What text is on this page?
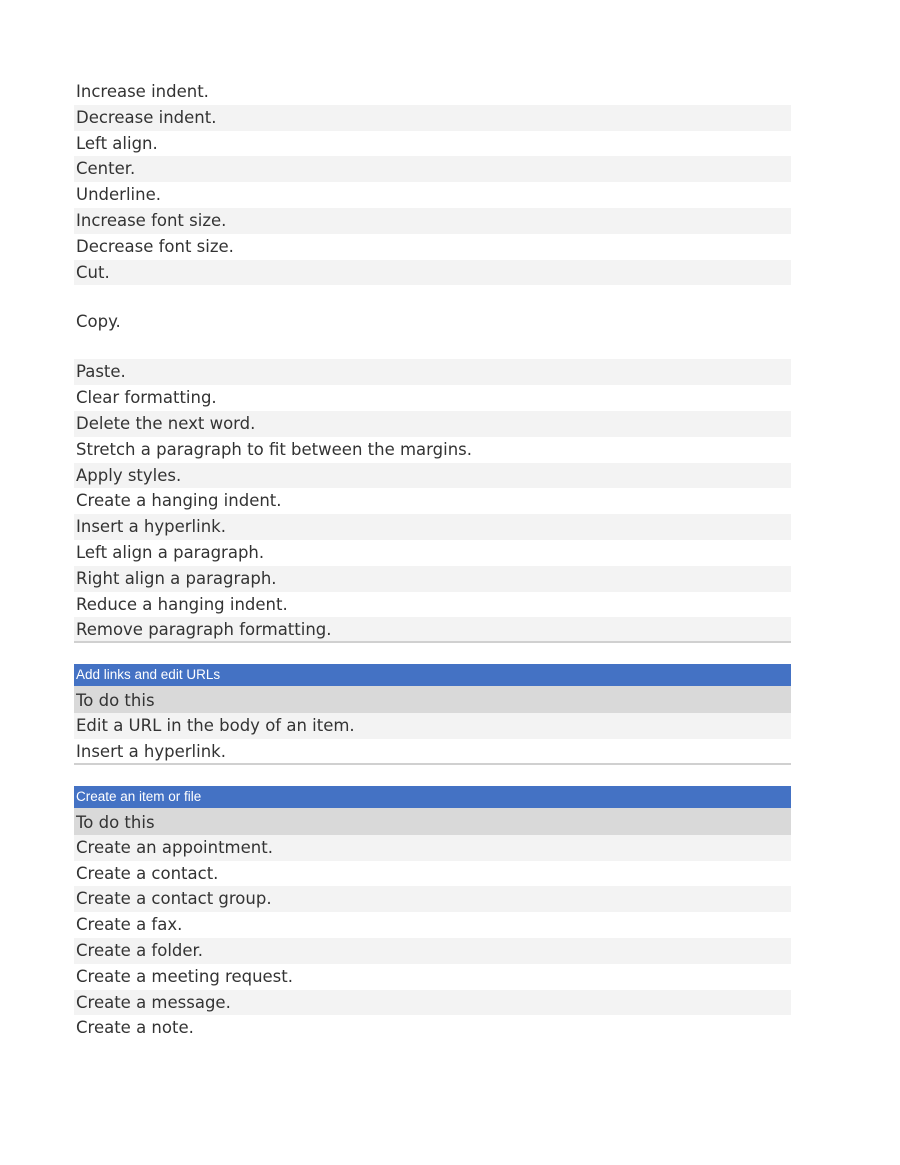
Increase indent.
Decrease indent.
Left align.
Center.
Underline.
Increase font size.
Decrease font size.
Cut.
Copy.
Paste.
Clear formatting.
Delete the next word.
Stretch a paragraph to fit between the margins.
Apply styles.
Create a hanging indent.
Insert a hyperlink.
Left align a paragraph.
Right align a paragraph.
Reduce a hanging indent.
Remove paragraph formatting.
Add links and edit URLs
To do this
Edit a URL in the body of an item.
Insert a hyperlink.
Create an item or file
To do this
Create an appointment.
Create a contact.
Create a contact group.
Create a fax.
Create a folder.
Create a meeting request.
Create a message.
Create a note.
